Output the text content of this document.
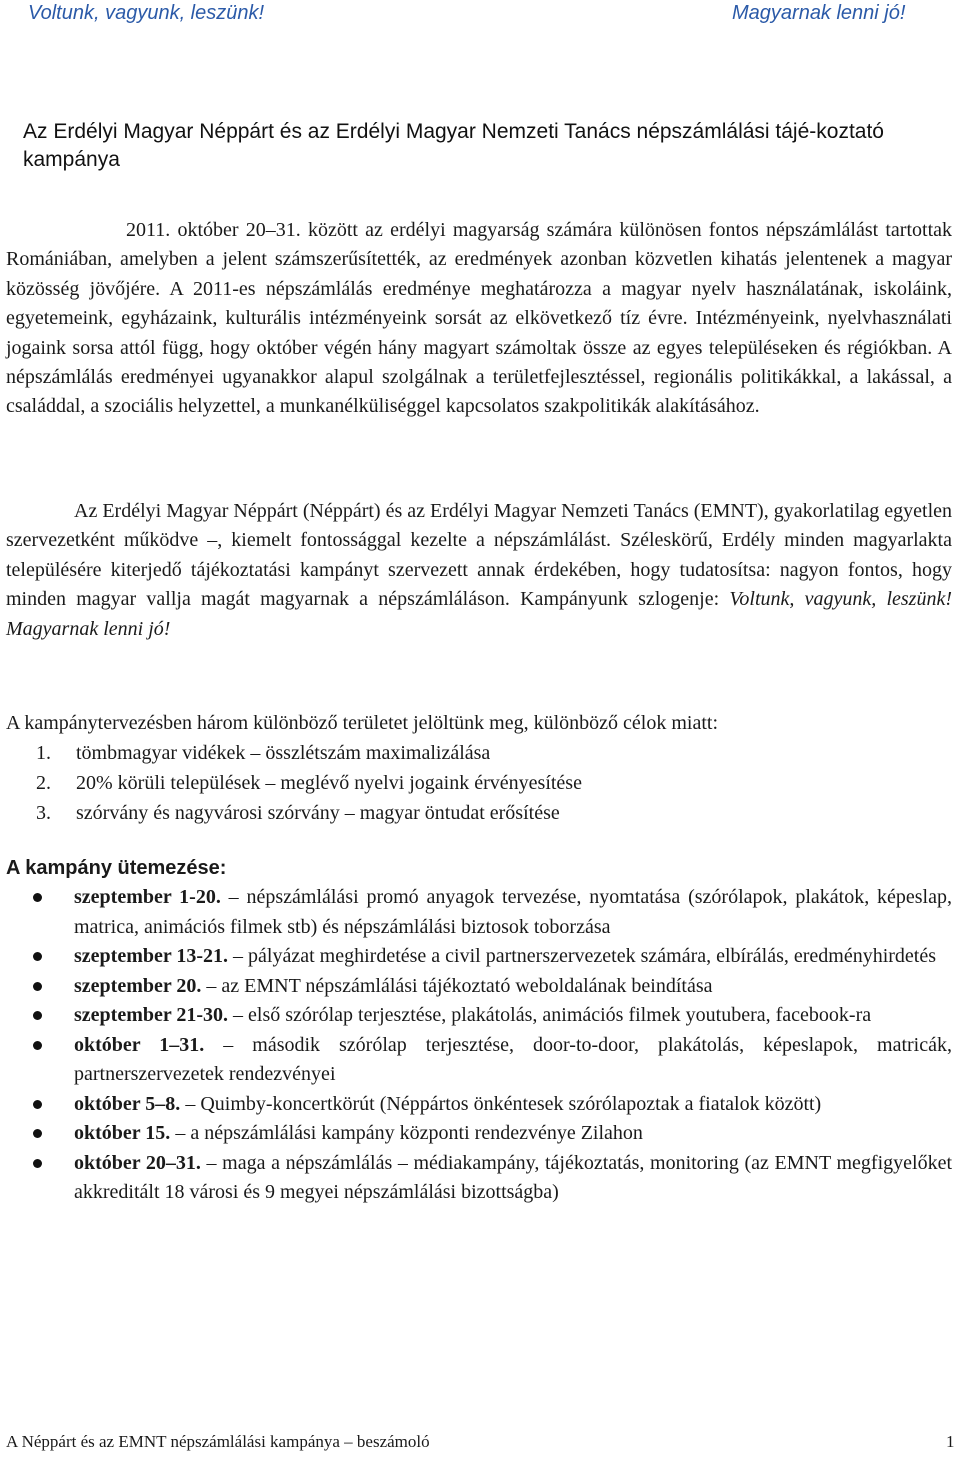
Voltunk, vagyunk, leszünk!	Magyarnak lenni jó!
Az Erdélyi Magyar Néppárt és az Erdélyi Magyar Nemzeti Tanács népszámlálási tájé-koztató kampánya
2011. október 20–31. között az erdélyi magyarság számára különösen fontos népszámlálást tartottak Romániában, amelyben a jelent számszerűsítették, az eredmények azonban közvetlen kihatás jelentenek a magyar közösség jövőjére. A 2011-es népszámlálás eredménye meghatározza a magyar nyelv használatának, iskoláink, egyetemeink, egyházaink, kulturális intézményeink sorsát az elkövetkező tíz évre. Intézményeink, nyelvhasználati jogaink sorsa attól függ, hogy október végén hány magyart számoltak össze az egyes településeken és régiókban. A népszámlálás eredményei ugyanakkor alapul szolgálnak a területfejlesztéssel, regionális politikákkal, a lakással, a családdal, a szociális helyzettel, a munkanélküliséggel kapcsolatos szakpolitikák alakításához.
Az Erdélyi Magyar Néppárt (Néppárt) és az Erdélyi Magyar Nemzeti Tanács (EMNT), gyakorlatilag egyetlen szervezetként működve –, kiemelt fontossággal kezelte a népszámlálást. Széleskörű, Erdély minden magyarlakta településére kiterjedő tájékoztatási kampányt szervezett annak érdekében, hogy tudatosítsa: nagyon fontos, hogy minden magyar vallja magát magyarnak a népszámláláson. Kampányunk szlogenje: Voltunk, vagyunk, leszünk! Magyarnak lenni jó!
A kampánytervezésben három különböző területet jelöltünk meg, különböző célok miatt:
1.	tömbmagyar vidékek – összlétszám maximalizálása
2.	20% körüli települések – meglévő nyelvi jogaink érvényesítése
3.	szórvány és nagyvárosi szórvány – magyar öntudat erősítése
A kampány ütemezése:
szeptember 1-20. – népszámlálási promó anyagok tervezése, nyomtatása (szórólapok, plakátok, képeslap, matrica, animációs filmek stb) és népszámlálási biztosok toborzása
szeptember 13-21. – pályázat meghirdetése a civil partnerszervezetek számára, elbírálás, eredményhirdetés
szeptember 20. – az EMNT népszámlálási tájékoztató weboldalának beindítása
szeptember 21-30. – első szórólap terjesztése, plakátolás, animációs filmek youtubera, facebook-ra
október 1–31. – második szórólap terjesztése, door-to-door, plakátolás, képeslapok, matricák, partnerszervezetek rendezvényei
október 5–8. – Quimby-koncertkörút (Néppártos önkéntesek szórólapoztak a fiatalok között)
október 15. – a népszámlálási kampány központi rendezvénye Zilahon
október 20–31. – maga a népszámlálás – médiakampány, tájékoztatás, monitoring (az EMNT megfigyelőket akkreditált 18 városi és 9 megyei népszámlálási bizottságba)
A Néppárt és az EMNT népszámlálási kampánya – beszámoló	1
